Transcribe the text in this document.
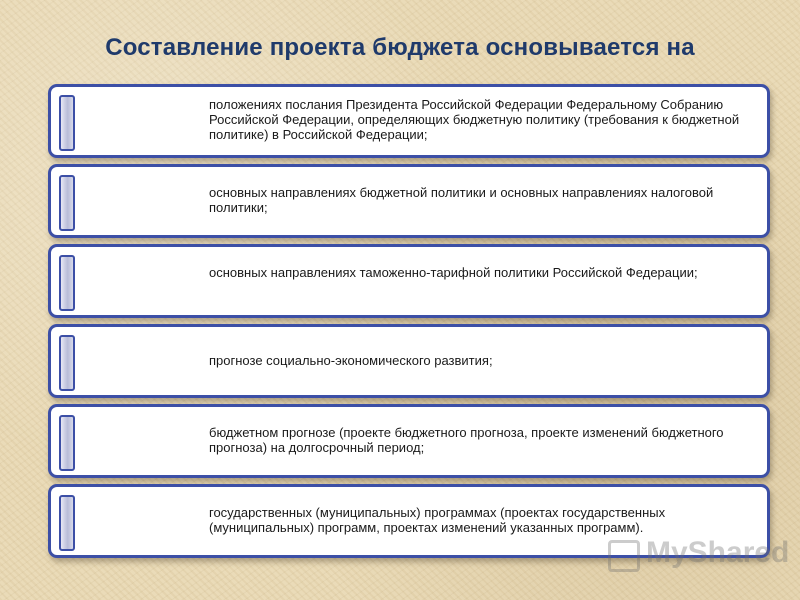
Составление проекта бюджета основывается на
положениях послания Президента Российской Федерации Федеральному Собранию Российской Федерации, определяющих бюджетную политику (требования к бюджетной политике) в Российской Федерации;
основных направлениях бюджетной политики и основных направлениях налоговой политики;
основных направлениях таможенно-тарифной политики Российской Федерации;
прогнозе социально-экономического развития;
бюджетном прогнозе (проекте бюджетного прогноза, проекте изменений бюджетного прогноза) на долгосрочный период;
государственных (муниципальных) программах (проектах государственных (муниципальных) программ, проектах изменений указанных программ).
MyShared
